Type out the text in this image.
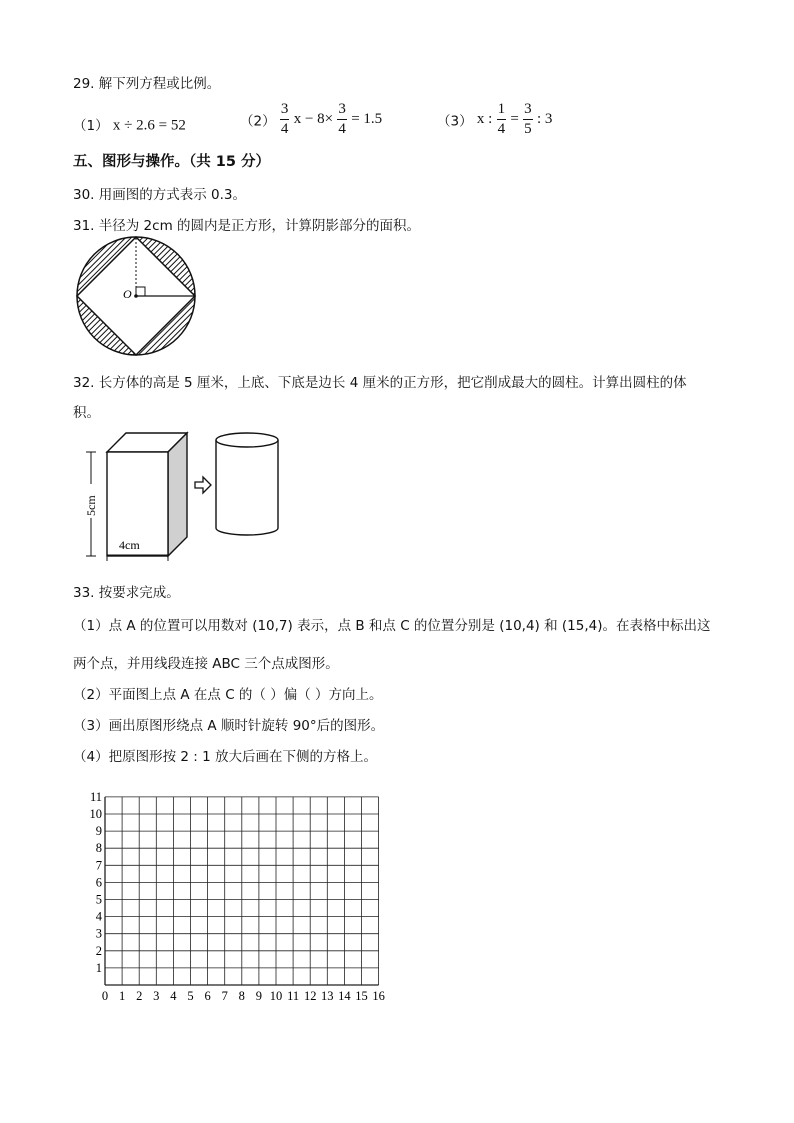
29. 解下列方程或比例。
（1） x ÷ 2.6 = 52	$(2) \frac{3}{4}$ $x - 8\times \frac{3}{4} = 1.5$	（3） x : $\frac{1}{4} = \frac{3}{5}$ : 3
五、图形与操作。（共 15 分）
30. 用画图的方式表示 0.3。
31. 半径为 2cm 的圆内是正方形，计算阴影部分的面积。
O
32. 长方体的高是 5 厘米，上底、下底是边长 4 厘米的正方形，把它削成最大的圆柱。计算出圆柱的体
积。
5cm
4cm
33. 按要求完成。
（1）点 A 的位置可以用数对 (10,7) 表示，点 B 和点 C 的位置分别是 (10,4) 和 (15,4)。在表格中标出这
两个点，并用线段连接 ABC 三个点成图形。
（2）平面图上点 A 在点 C 的（ ）偏（ ）方向上。
（3）画出原图形绕点 A 顺时针旋转 90°后的图形。
（4）把原图形按 2 : 1 放大后画在下侧的方格上。
0 1 2 3 4 5 6 7 8 9 10 11 12 13 14 15 16
1
2
3
4
5
6
7
8
9
10
11
